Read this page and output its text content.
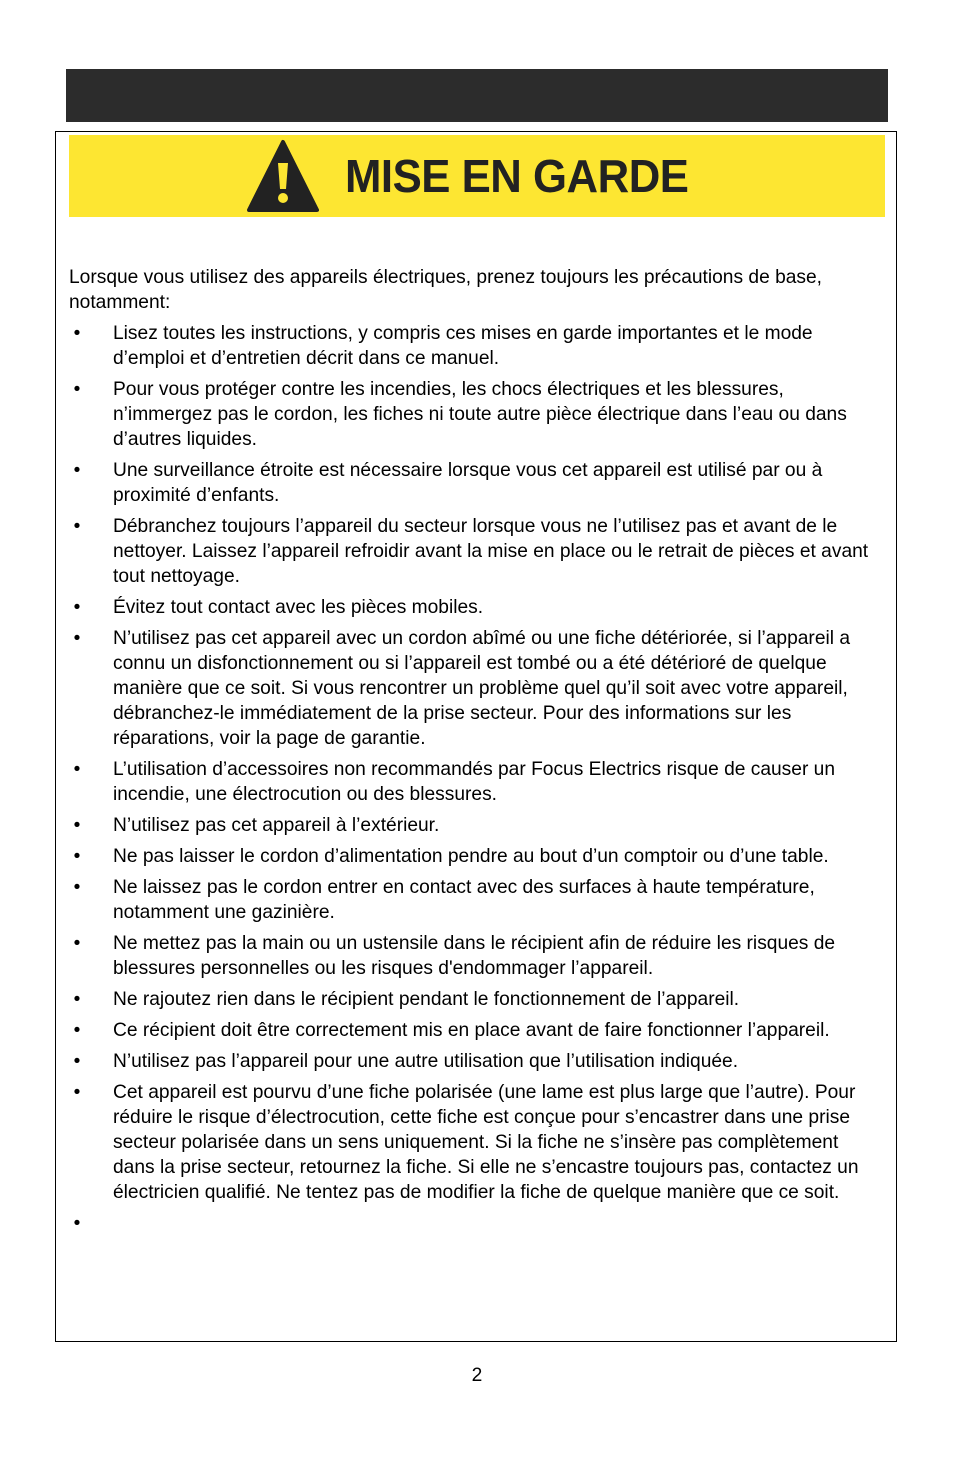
MISE EN GARDE

Lorsque vous utilisez des appareils électriques, prenez toujours les précautions de base, notamment:

• Lisez toutes les instructions, y compris ces mises en garde importantes et le mode d’emploi et d’entretien décrit dans ce manuel.
• Pour vous protéger contre les incendies, les chocs électriques et les blessures, n’immergez pas le cordon, les fiches ni toute autre pièce électrique dans l’eau ou dans d’autres liquides.
• Une surveillance étroite est nécessaire lorsque vous cet appareil est utilisé par ou à proximité d’enfants.
• Débranchez toujours l’appareil du secteur lorsque vous ne l’utilisez pas et avant de le nettoyer. Laissez l’appareil refroidir avant la mise en place ou le retrait de pièces et avant tout nettoyage.
• Évitez tout contact avec les pièces mobiles.
• N’utilisez pas cet appareil avec un cordon abîmé ou une fiche détériorée, si l’appareil a connu un disfonctionnement ou si l’appareil est tombé ou a été détérioré de quelque manière que ce soit. Si vous rencontrer un problème quel qu’il soit avec votre appareil, débranchez-le immédiatement de la prise secteur. Pour des informations sur les réparations, voir la page de garantie.
• L’utilisation d’accessoires non recommandés par Focus Electrics risque de causer un incendie, une électrocution ou des blessures.
• N’utilisez pas cet appareil à l’extérieur.
• Ne pas laisser le cordon d’alimentation pendre au bout d’un comptoir ou d’une table.
• Ne laissez pas le cordon entrer en contact avec des surfaces à haute température, notamment une gazinière.
• Ne mettez pas la main ou un ustensile dans le récipient afin de réduire les risques de blessures personnelles ou les risques d'endommager l’appareil.
• Ne rajoutez rien dans le récipient pendant le fonctionnement de l’appareil.
• Ce récipient doit être correctement mis en place avant de faire fonctionner l’appareil.
• N’utilisez pas l’appareil pour une autre utilisation que l’utilisation indiquée.
• Cet appareil est pourvu d’une fiche polarisée (une lame est plus large que l’autre). Pour réduire le risque d’électrocution, cette fiche est conçue pour s’encastrer dans une prise secteur polarisée dans un sens uniquement. Si la fiche ne s’insère pas complètement dans la prise secteur, retournez la fiche. Si elle ne s’encastre toujours pas, contactez un électricien qualifié. Ne tentez pas de modifier la fiche de quelque manière que ce soit.
•
2
